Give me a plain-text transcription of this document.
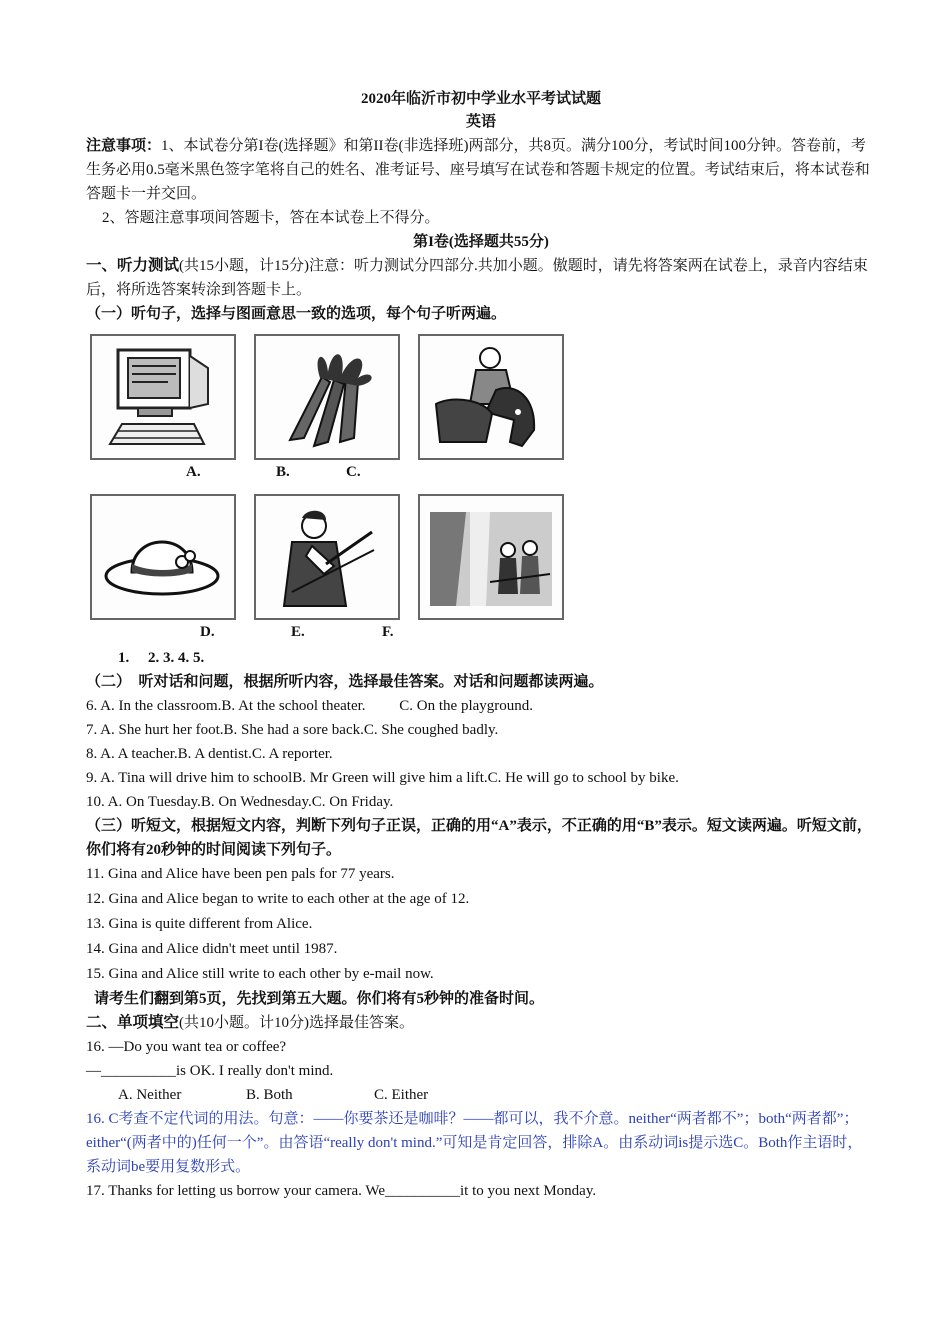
2020年临沂市初中学业水平考试试题
英语

注意事项：1、本试卷分第I卷(选择题》和第II卷(非选择班)两部分，共8页。满分100分，考试时间100分钟。答卷前，考生务必用0.5毫米黑色签字笔将自己的姓名、准考证号、座号填写在试卷和答题卡规定的位置。考试结束后，将本试卷和答题卡一并交回。

2、答题注意事项间答题卡，答在本试卷上不得分。

第I卷(选择题共55分)

一、听力测试(共15小题，计15分)注意：听力测试分四部分.共加小题。傲题时，请先将答案两在试卷上，录音内容结束后，将所选答案转涂到答题卡上。

（一）听句子，选择与图画意思一致的选项，每个句子听两遍。

A.	B.	C.
D.	E.	F.

1.     2. 3. 4. 5.

（二）　听对话和问题，根据所听内容，选择最佳答案。对话和问题都读两遍。

6. A. In the classroom.B. At the school theater.         C. On the playground.

7. A. She hurt her foot.B. She had a sore back.C. She coughed badly.

8. A. A teacher.B. A dentist.C. A reporter.

9. A. Tina will drive him to schoolB. Mr Green will give him a lift.C. He will go to school by bike.

10. A. On Tuesday.B. On Wednesday.C. On Friday.

（三）听短文，根据短文内容，判断下列句子正误，正确的用“A”表示，不正确的用“B”表示。短文读两遍。听短文前，你们将有20秒钟的时间阅读下列句子。

11. Gina and Alice have been pen pals for 77 years.

12. Gina and Alice began to write to each other at the age of 12.

13. Gina is quite different from Alice.

14. Gina and Alice didn't meet until 1987.

15. Gina and Alice still write to each other by e-mail now.

请考生们翻到第5页，先找到第五大题。你们将有5秒钟的准备时间。

二、单项填空(共10小题。计10分)选择最佳答案。

16. —Do you want tea or coffee?

—__________is OK. I really don't mind.

A. Neither	B. Both	C. Either

16. C考查不定代词的用法。句意：——你要茶还是咖啡？——都可以，我不介意。neither“两者都不”；both“两者都”；either“(两者中的)任何一个”。由答语“really don't mind.”可知是肯定回答，排除A。由系动词is提示选C。Both作主语时，系动词be要用复数形式。

17. Thanks for letting us borrow your camera. We__________it to you next Monday.
